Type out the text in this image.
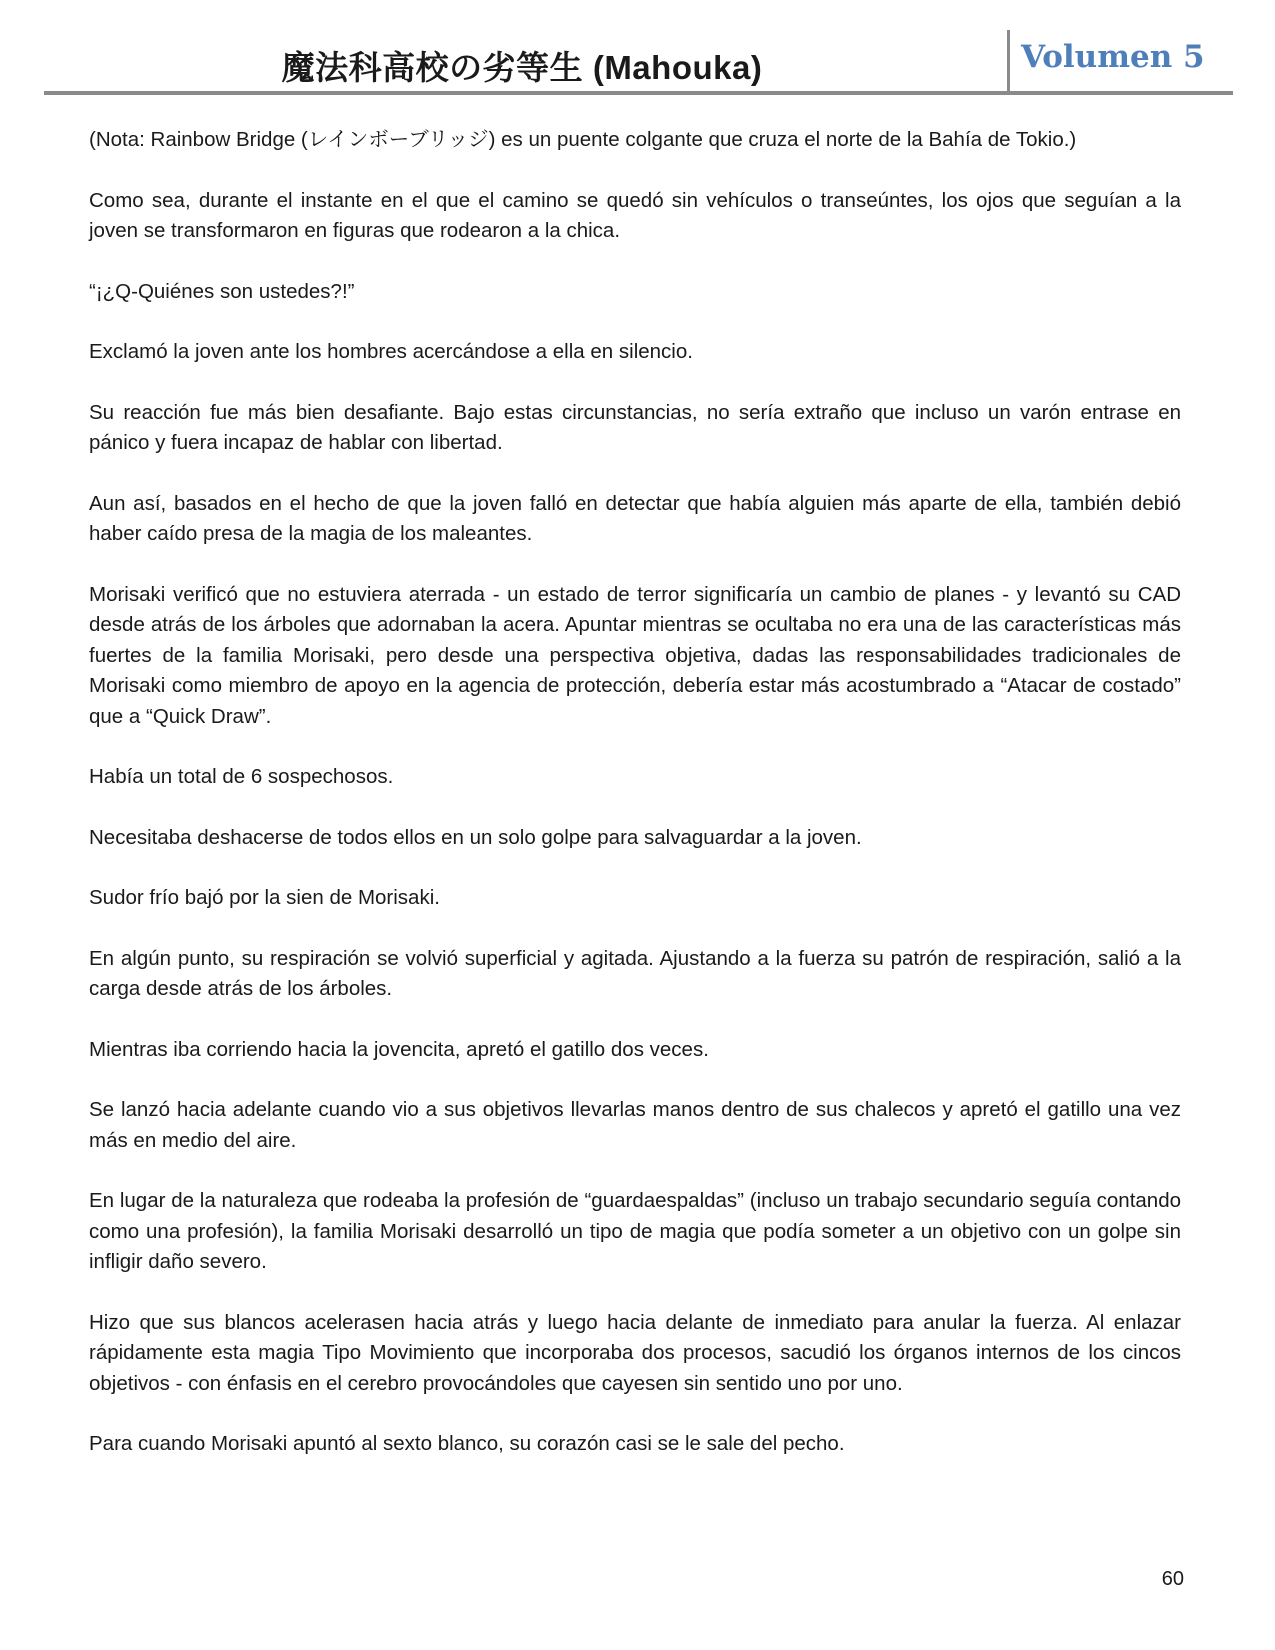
魔法科高校の劣等生 (Mahouka)	Volumen 5

(Nota: Rainbow Bridge (レインボーブリッジ) es un puente colgante que cruza el norte de la Bahía de Tokio.)

Como sea, durante el instante en el que el camino se quedó sin vehículos o transeúntes, los ojos que seguían a la joven se transformaron en figuras que rodearon a la chica.

“¡¿Q-Quiénes son ustedes?!”

Exclamó la joven ante los hombres acercándose a ella en silencio.

Su reacción fue más bien desafiante. Bajo estas circunstancias, no sería extraño que incluso un varón entrase en pánico y fuera incapaz de hablar con libertad.

Aun así, basados en el hecho de que la joven falló en detectar que había alguien más aparte de ella, también debió haber caído presa de la magia de los maleantes.

Morisaki verificó que no estuviera aterrada - un estado de terror significaría un cambio de planes - y levantó su CAD desde atrás de los árboles que adornaban la acera. Apuntar mientras se ocultaba no era una de las características más fuertes de la familia Morisaki, pero desde una perspectiva objetiva, dadas las responsabilidades tradicionales de Morisaki como miembro de apoyo en la agencia de protección, debería estar más acostumbrado a “Atacar de costado” que a “Quick Draw”.

Había un total de 6 sospechosos.

Necesitaba deshacerse de todos ellos en un solo golpe para salvaguardar a la joven.

Sudor frío bajó por la sien de Morisaki.

En algún punto, su respiración se volvió superficial y agitada. Ajustando a la fuerza su patrón de respiración, salió a la carga desde atrás de los árboles.

Mientras iba corriendo hacia la jovencita, apretó el gatillo dos veces.

Se lanzó hacia adelante cuando vio a sus objetivos llevarlas manos dentro de sus chalecos y apretó el gatillo una vez más en medio del aire.

En lugar de la naturaleza que rodeaba la profesión de “guardaespaldas” (incluso un trabajo secundario seguía contando como una profesión), la familia Morisaki desarrolló un tipo de magia que podía someter a un objetivo con un golpe sin infligir daño severo.

Hizo que sus blancos acelerasen hacia atrás y luego hacia delante de inmediato para anular la fuerza. Al enlazar rápidamente esta magia Tipo Movimiento que incorporaba dos procesos, sacudió los órganos internos de los cincos objetivos - con énfasis en el cerebro provocándoles que cayesen sin sentido uno por uno.

Para cuando Morisaki apuntó al sexto blanco, su corazón casi se le sale del pecho.

60
